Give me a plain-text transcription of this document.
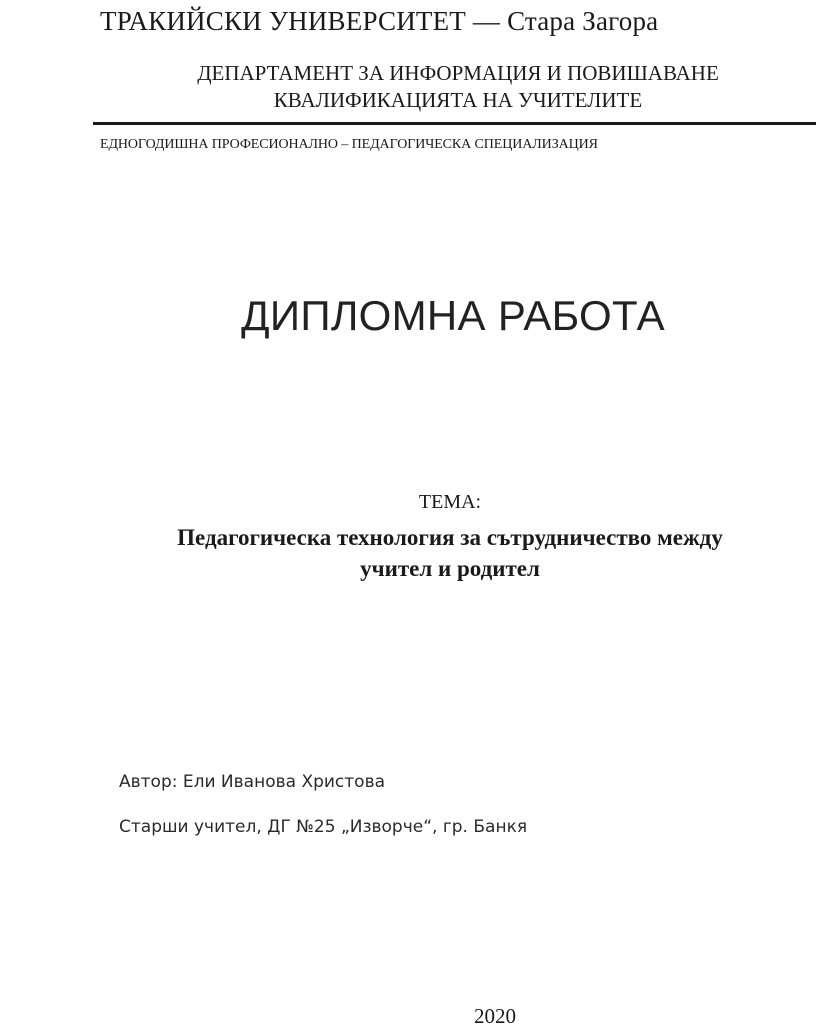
ТРАКИЙСКИ УНИВЕРСИТЕТ — Стара Загора
ДЕПАРТАМЕНТ ЗА ИНФОРМАЦИЯ И ПОВИШАВАНЕ
КВАЛИФИКАЦИЯТА НА УЧИТЕЛИТЕ
ЕДНОГОДИШНА ПРОФЕСИОНАЛНО – ПЕДАГОГИЧЕСКА СПЕЦИАЛИЗАЦИЯ
ДИПЛОМНА РАБОТА
ТЕМА:
Педагогическа технология за сътрудничество между
учител и родител
Автор: Ели Иванова Христова
Старши учител, ДГ №25 „Изворче“, гр. Банкя
2020
